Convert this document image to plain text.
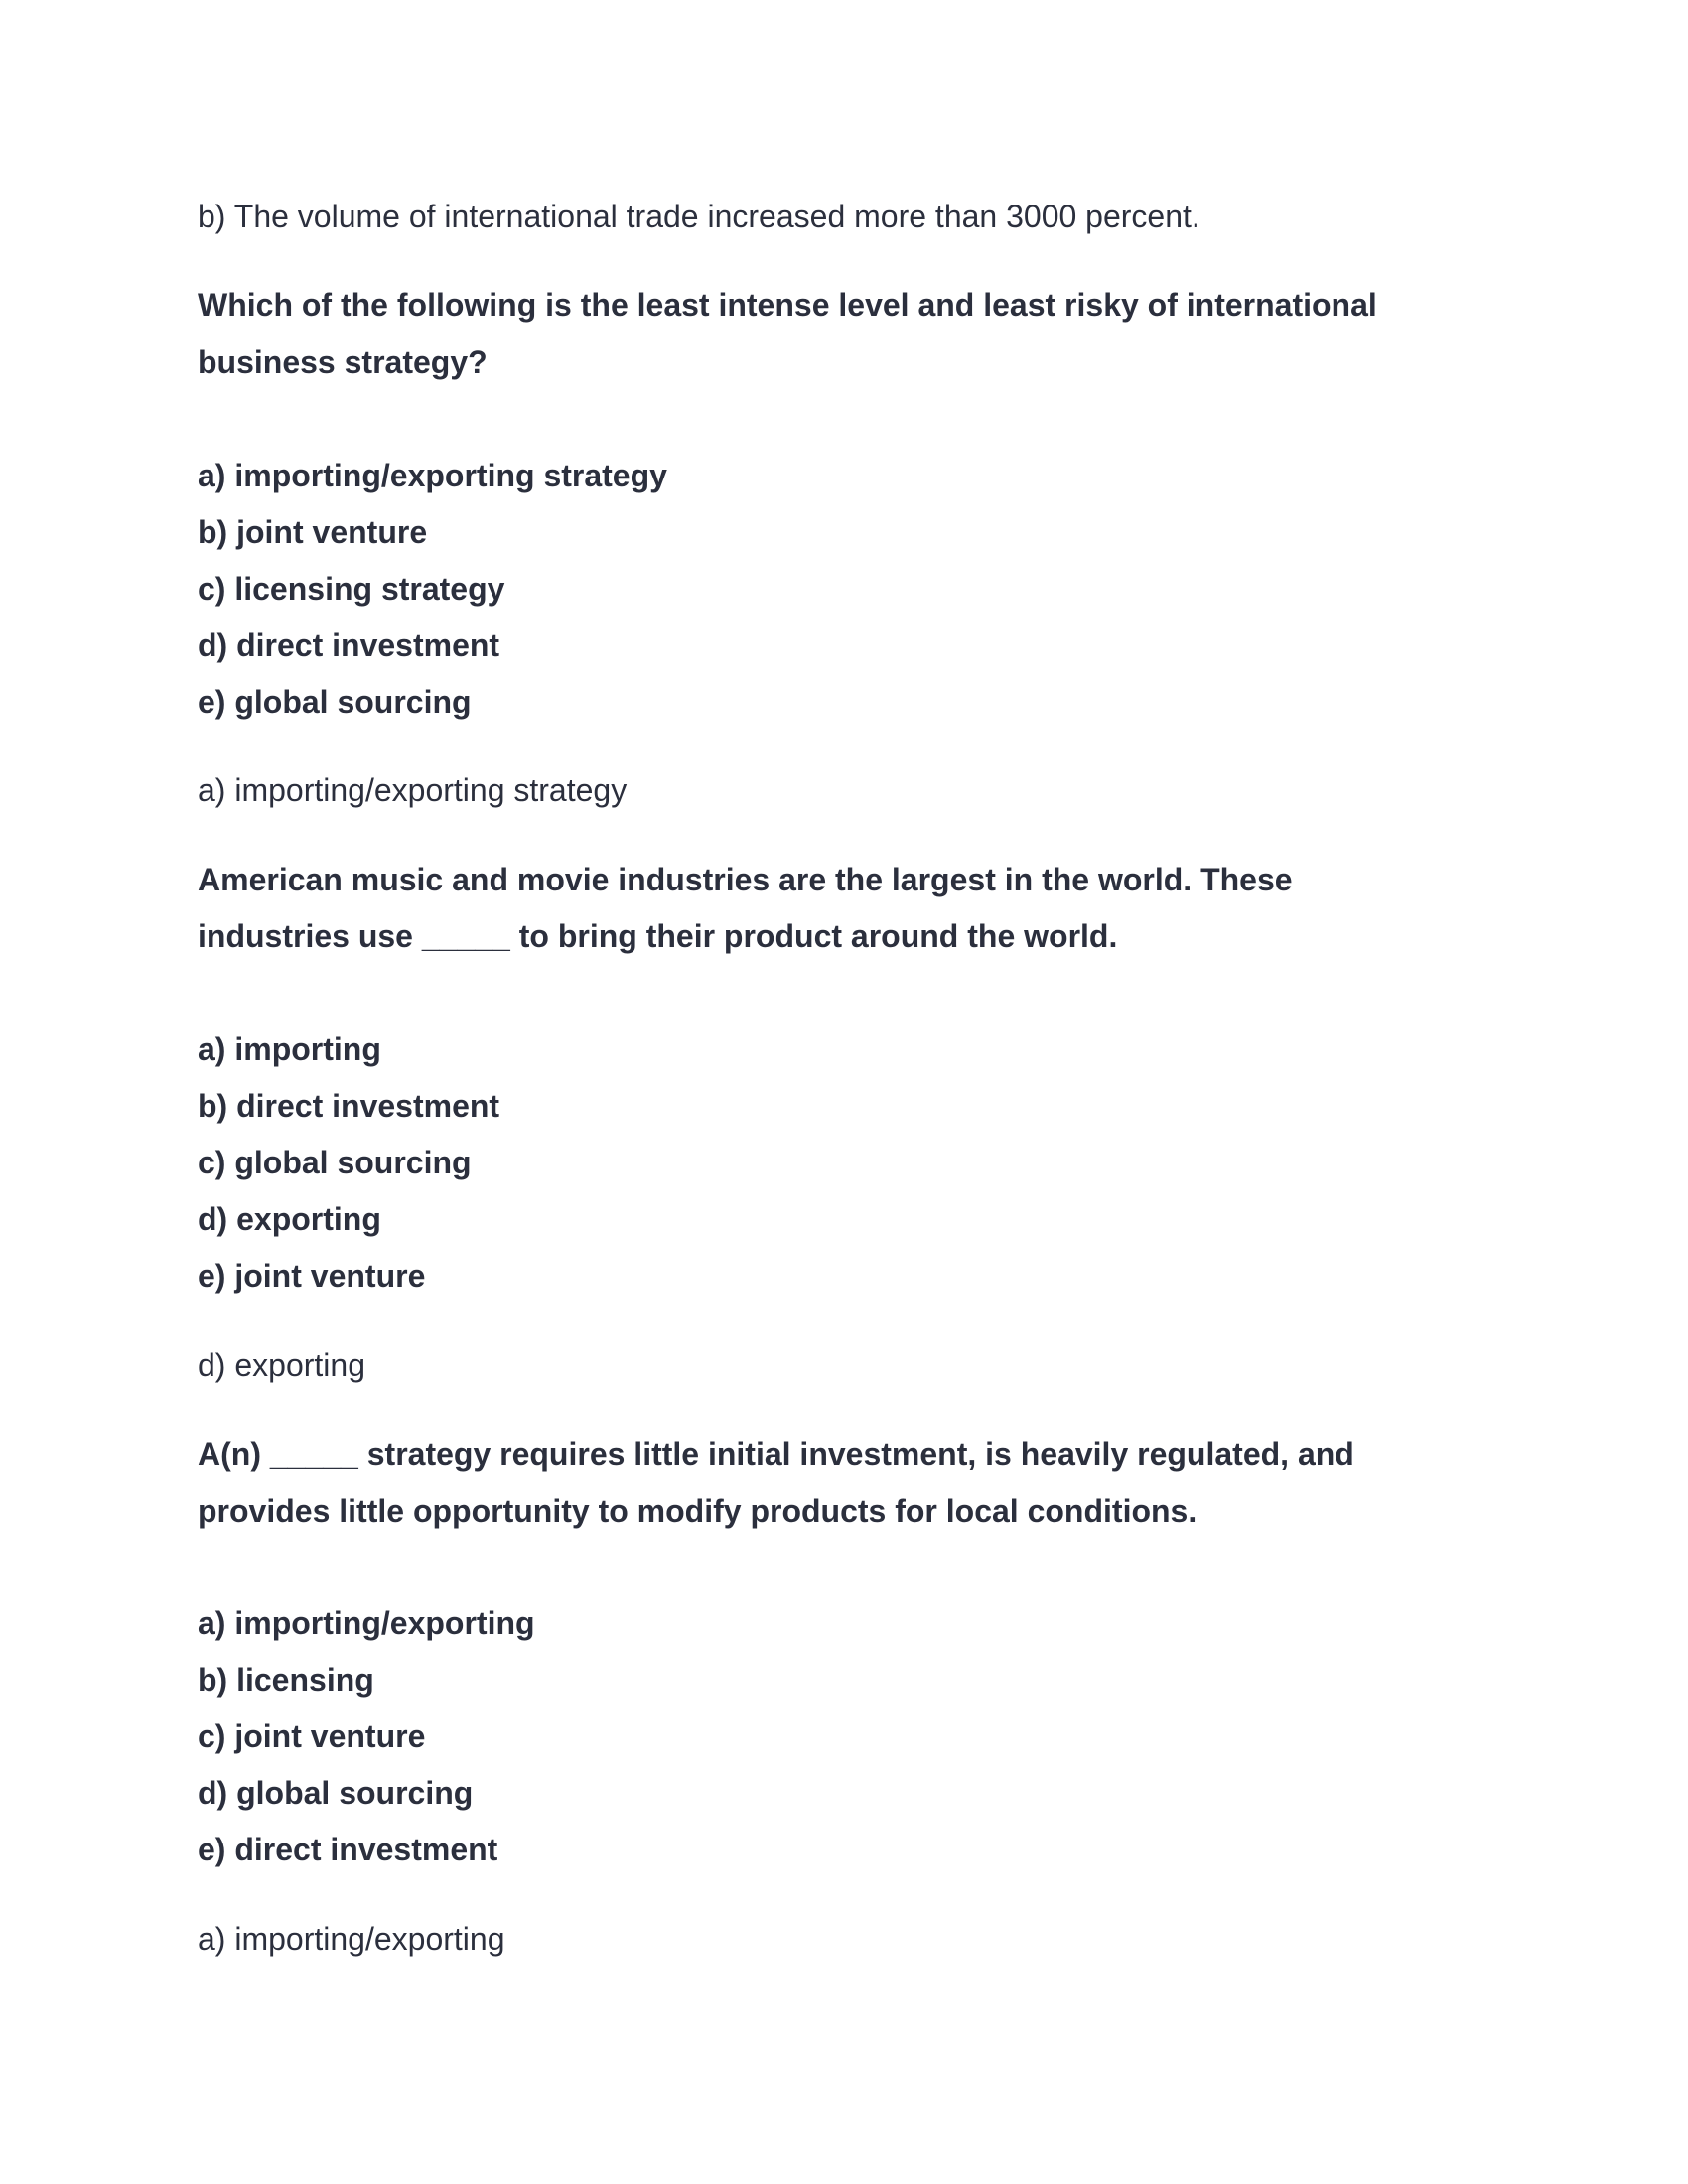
b) The volume of international trade increased more than 3000 percent.
Which of the following is the least intense level and least risky of international
business strategy?
a) importing/exporting strategy
b) joint venture
c) licensing strategy
d) direct investment
e) global sourcing
a) importing/exporting strategy
American music and movie industries are the largest in the world. These
industries use _____ to bring their product around the world.
a) importing
b) direct investment
c) global sourcing
d) exporting
e) joint venture
d) exporting
A(n) _____ strategy requires little initial investment, is heavily regulated, and
provides little opportunity to modify products for local conditions.
a) importing/exporting
b) licensing
c) joint venture
d) global sourcing
e) direct investment
a) importing/exporting
